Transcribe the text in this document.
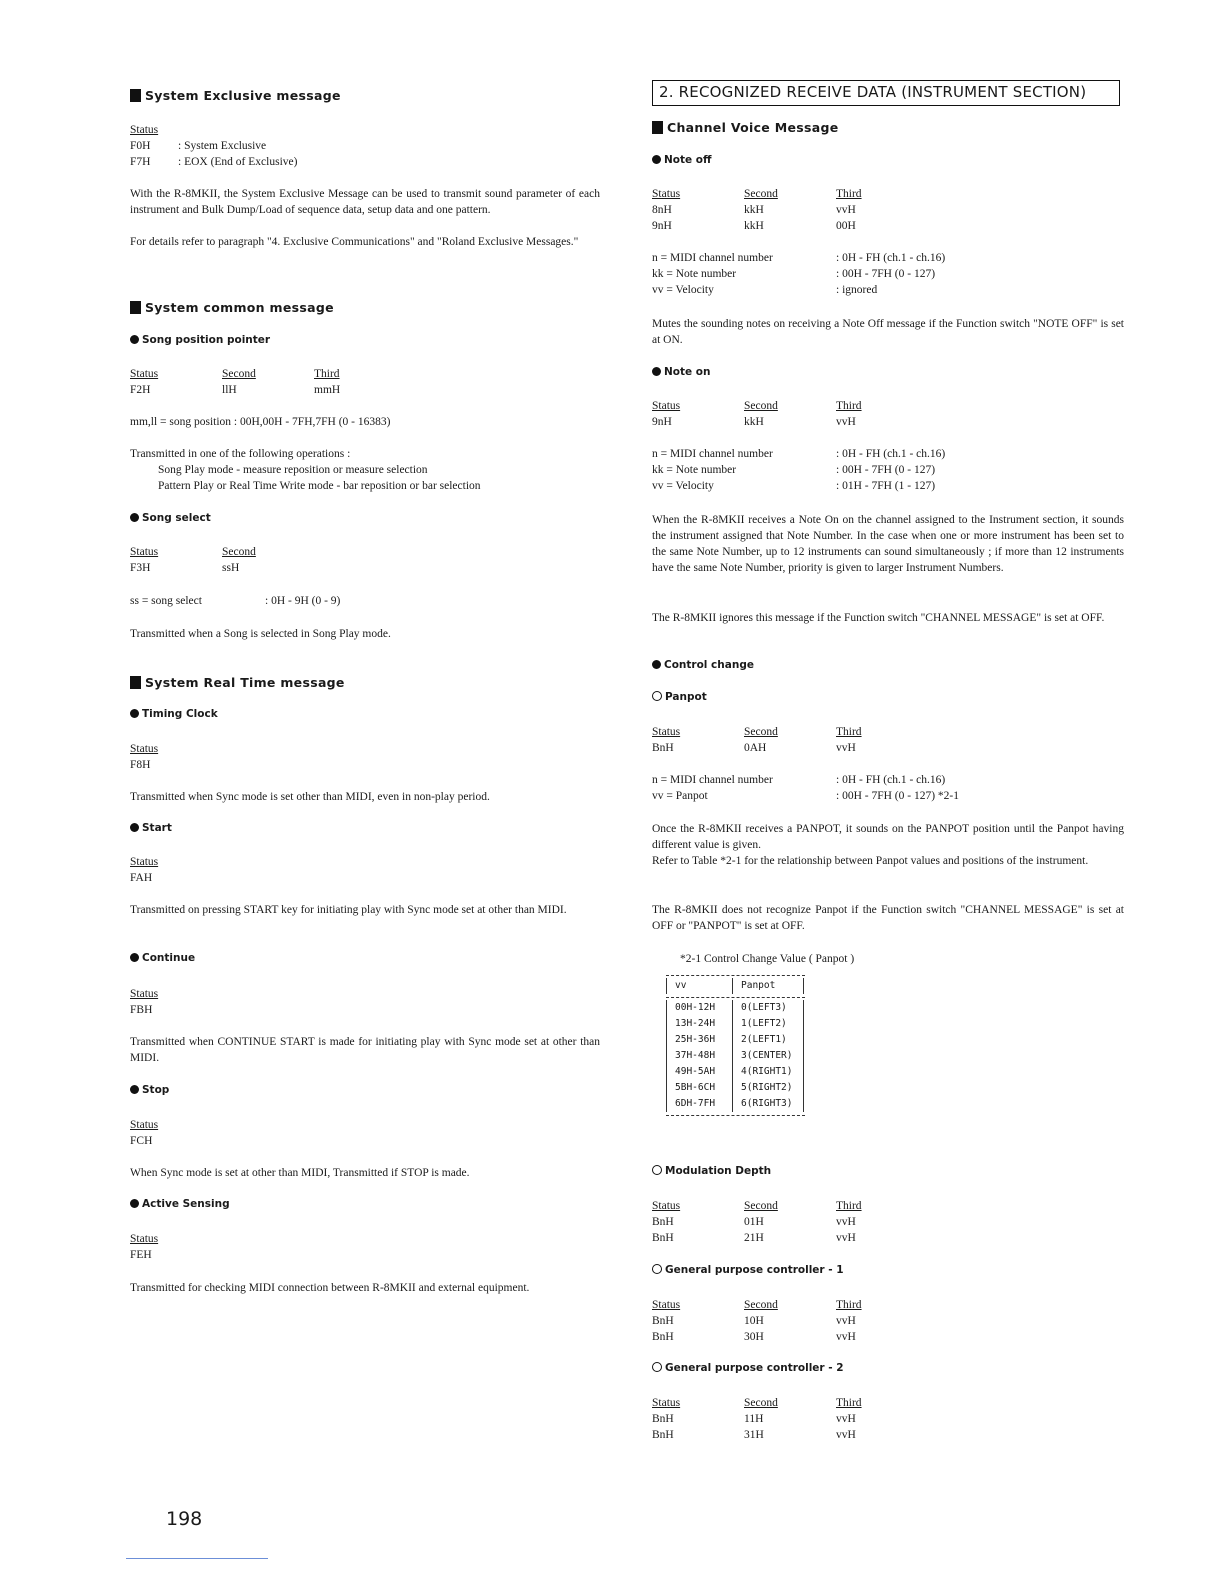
System Exclusive message
Status
F0H	: System Exclusive
F7H	: EOX (End of Exclusive)
With the R-8MKII, the System Exclusive Message can be used to transmit sound parameter of each instrument and Bulk Dump/Load of sequence data, setup data and one pattern.
For details refer to paragraph "4. Exclusive Communications" and "Roland Exclusive Messages."
System common message
Song position pointer
Status	Second	Third
F2H	llH	mmH
mm,ll = song position : 00H,00H - 7FH,7FH (0 - 16383)
Transmitted in one of the following operations :
Song Play mode - measure reposition or measure selection
Pattern Play or Real Time Write mode - bar reposition or bar selection
Song select
Status	Second
F3H	ssH
ss = song select	: 0H - 9H (0 - 9)
Transmitted when a Song is selected in Song Play mode.
System Real Time message
Timing Clock
Status
F8H
Transmitted when Sync mode is set other than MIDI, even in non-play period.
Start
Status
FAH
Transmitted on pressing START key for initiating play with Sync mode set at other than MIDI.
Continue
Status
FBH
Transmitted when CONTINUE START is made for initiating play with Sync mode set at other than MIDI.
Stop
Status
FCH
When Sync mode is set at other than MIDI, Transmitted if STOP is made.
Active Sensing
Status
FEH
Transmitted for checking MIDI connection between R-8MKII and external equipment.
2. RECOGNIZED RECEIVE DATA (INSTRUMENT SECTION)
Channel Voice Message
Note off
Status	Second	Third
8nH	kkH	vvH
9nH	kkH	00H
n = MIDI channel number	: 0H - FH (ch.1 - ch.16)
kk = Note number	: 00H - 7FH (0 - 127)
vv = Velocity	: ignored
Mutes the sounding notes on receiving a Note Off message if the Function switch "NOTE OFF" is set at ON.
Note on
Status	Second	Third
9nH	kkH	vvH
n = MIDI channel number	: 0H - FH (ch.1 - ch.16)
kk = Note number	: 00H - 7FH (0 - 127)
vv = Velocity	: 01H - 7FH (1 - 127)
When the R-8MKII receives a Note On on the channel assigned to the Instrument section, it sounds the instrument assigned that Note Number. In the case when one or more instrument has been set to the same Note Number, up to 12 instruments can sound simultaneously ; if more than 12 instruments have the same Note Number, priority is given to larger Instrument Numbers.
The R-8MKII ignores this message if the Function switch "CHANNEL MESSAGE" is set at OFF.
Control change
Panpot
Status	Second	Third
BnH	0AH	vvH
n = MIDI channel number	: 0H - FH (ch.1 - ch.16)
vv = Panpot	: 00H - 7FH (0 - 127) *2-1
Once the R-8MKII receives a PANPOT, it sounds on the PANPOT position until the Panpot having different value is given.
Refer to Table *2-1 for the relationship between Panpot values and positions of the instrument.
The R-8MKII does not recognize Panpot if the Function switch "CHANNEL MESSAGE" is set at OFF or "PANPOT" is set at OFF.
*2-1 Control Change Value ( Panpot )
vv	Panpot
00H-12H	0(LEFT3)
13H-24H	1(LEFT2)
25H-36H	2(LEFT1)
37H-48H	3(CENTER)
49H-5AH	4(RIGHT1)
5BH-6CH	5(RIGHT2)
6DH-7FH	6(RIGHT3)
Modulation Depth
Status	Second	Third
BnH	01H	vvH
BnH	21H	vvH
General purpose controller - 1
Status	Second	Third
BnH	10H	vvH
BnH	30H	vvH
General purpose controller - 2
Status	Second	Third
BnH	11H	vvH
BnH	31H	vvH
198
